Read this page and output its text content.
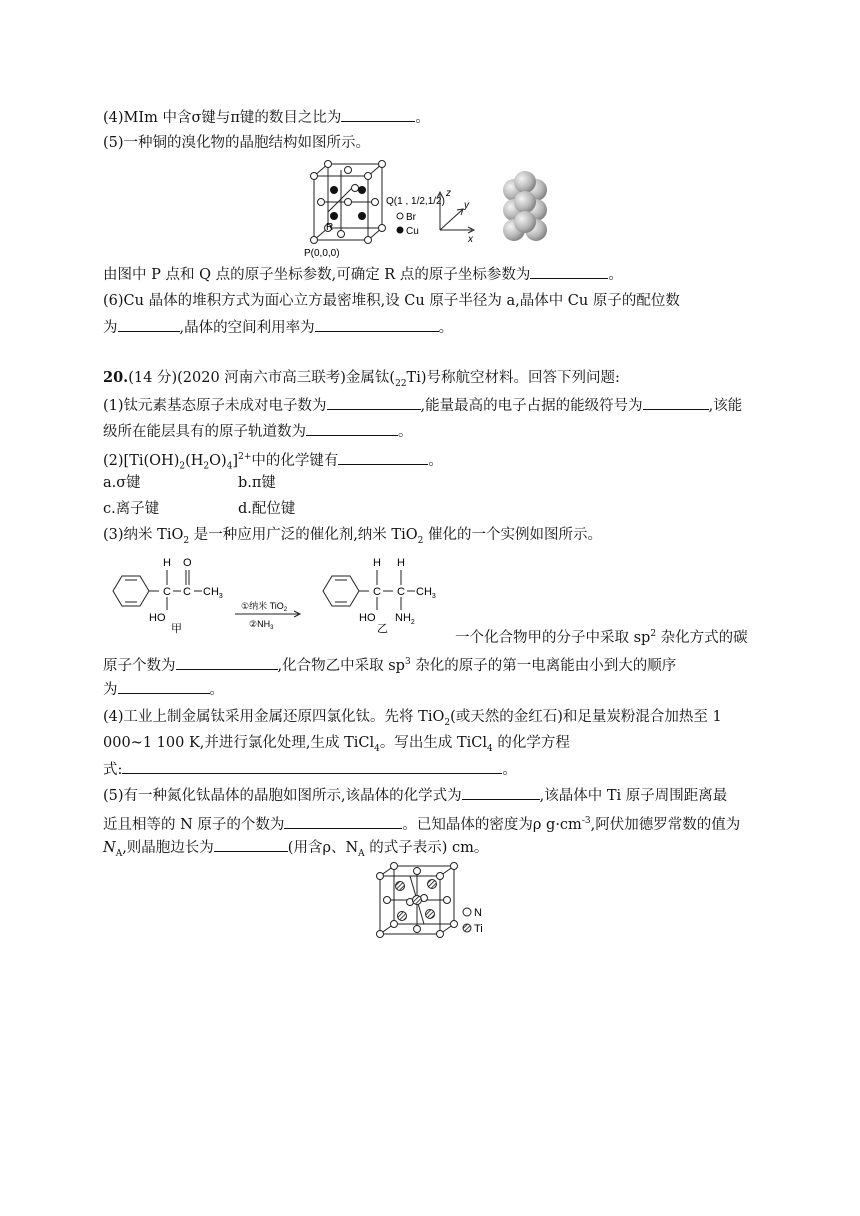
(4)MIm 中含σ键与π键的数目之比为	。
(5)一种铜的溴化物的晶胞结构如图所示。
Q(1 , 1/2,1/2)
R
P(0,0,0)
Br
Cu
z
y
x
由图中 P 点和 Q 点的原子坐标参数,可确定 R 点的原子坐标参数为	。
(6)Cu 晶体的堆积方式为面心立方最密堆积,设 Cu 原子半径为 a,晶体中 Cu 原子的配位数
为	,晶体的空间利用率为	。
20.(14 分)(2020 河南六市高三联考)金属钛$(_{22}Ti)$号称航空材料。回答下列问题:
(1)钛元素基态原子未成对电子数为	,能量最高的电子占据的能级符号为	,该能
级所在能层具有的原子轨道数为	。
$(2)[Ti(OH)_2(H_2O)_4]^{2+}$中的化学键有	。
a.σ键	b.π键
c.离子键	d.配位键
(3)纳米 TiO$_2$ 是一种应用广泛的催化剂,纳米 TiO$_2$ 催化的一个实例如图所示。
H O
C C $CH_3$
HO
甲
①纳米 TiO$_2$
$②NH_3$
H H
C C $CH_3$
HO $NH_2$
乙
一个化合物甲的分子中采取 $sp^2$ 杂化方式的碳
原子个数为	,化合物乙中采取 $sp^3$ 杂化的原子的第一电离能由小到大的顺序
为	。
(4)工业上制金属钛采用金属还原四氯化钛。先将 TiO$_2$(或天然的金红石)和足量炭粉混合加热至 1
000~1 100 K,并进行氯化处理,生成 TiCl$_4$。写出生成 TiCl$_4$ 的化学方程
式:	。
(5)有一种氮化钛晶体的晶胞如图所示,该晶体的化学式为	,该晶体中 Ti 原子周围距离最
近且相等的 N 原子的个数为	。已知晶体的密度为ρ $g\cdot cm^{-3}$,阿伏加德罗常数的值为
$N_A$,则晶胞边长为	(用含ρ、$N_A$ 的式子表示) cm。
N
Ti
